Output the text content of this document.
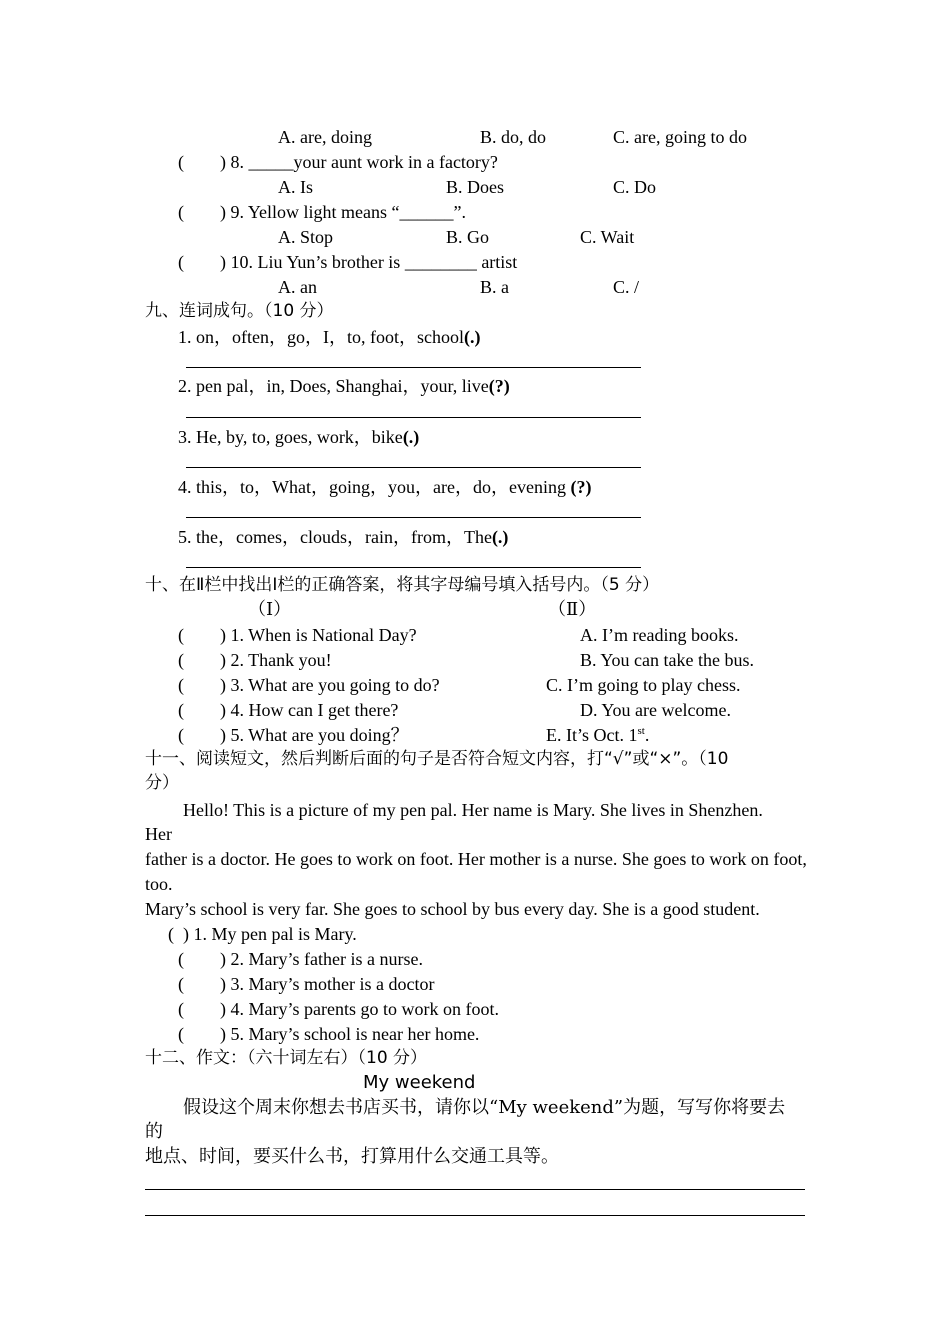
A. are, doing	B. do, do	C. are, going to do
( ) 8. _____your aunt work in a factory?
A. Is	B. Does	C. Do
( ) 9. Yellow light means “______”.
A. Stop	B. Go	C. Wait
( ) 10. Liu Yun’s brother is ________ artist
A. an	B. a	C. /
九、连词成句。（10 分）
1. on，often，go，I，to, foot，school(.)
2. pen pal，in, Does, Shanghai，your, live(?)
3. He, by, to, goes, work，bike(.)
4. this，to，What，going，you，are，do，evening (?)
5. the，comes，clouds，rain，from，The(.)
十、在Ⅱ栏中找出Ⅰ栏的正确答案，将其字母编号填入括号内。（5 分）
（Ⅰ）	（Ⅱ）
( ) 1. When is National Day?	A. I’m reading books.
( ) 2. Thank you!	B. You can take the bus.
( ) 3. What are you going to do?	C. I’m going to play chess.
( ) 4. How can I get there?	D. You are welcome.
( ) 5. What are you doing？	E. It’s Oct. 1st.
十一、阅读短文，然后判断后面的句子是否符合短文内容，打“√”或“×”。（10
分）
Hello! This is a picture of my pen pal. Her name is Mary. She lives in Shenzhen.
Her
father is a doctor. He goes to work on foot. Her mother is a nurse. She goes to work on foot,
too.
Mary’s school is very far. She goes to school by bus every day. She is a good student.
(  ) 1. My pen pal is Mary.
( ) 2. Mary’s father is a nurse.
( ) 3. Mary’s mother is a doctor
( ) 4. Mary’s parents go to work on foot.
( ) 5. Mary’s school is near her home.
十二、作文：（六十词左右）（10 分）
My weekend
假设这个周末你想去书店买书，请你以“My weekend”为题，写写你将要去
的
地点、时间，要买什么书，打算用什么交通工具等。
